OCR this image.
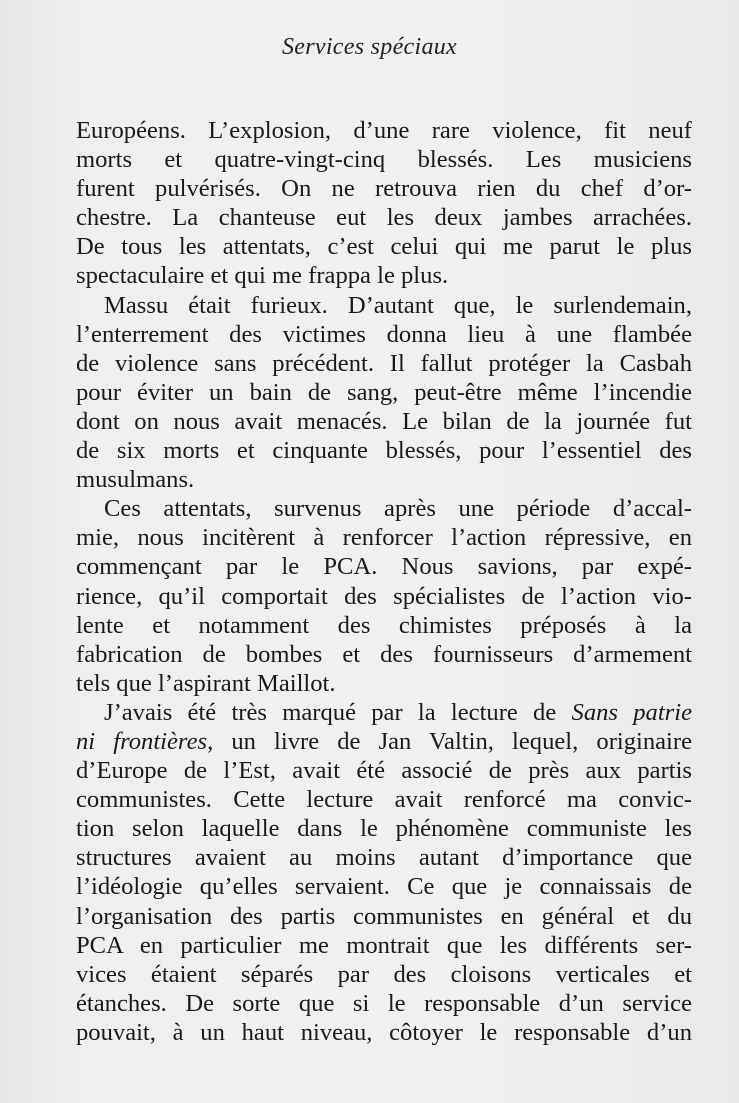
Services spéciaux
Européens. L’explosion, d’une rare violence, fit neuf
morts et quatre-vingt-cinq blessés. Les musiciens
furent pulvérisés. On ne retrouva rien du chef d’or-
chestre. La chanteuse eut les deux jambes arrachées.
De tous les attentats, c’est celui qui me parut le plus
spectaculaire et qui me frappa le plus.
Massu était furieux. D’autant que, le surlendemain,
l’enterrement des victimes donna lieu à une flambée
de violence sans précédent. Il fallut protéger la Casbah
pour éviter un bain de sang, peut-être même l’incendie
dont on nous avait menacés. Le bilan de la journée fut
de six morts et cinquante blessés, pour l’essentiel des
musulmans.
Ces attentats, survenus après une période d’accal-
mie, nous incitèrent à renforcer l’action répressive, en
commençant par le PCA. Nous savions, par expé-
rience, qu’il comportait des spécialistes de l’action vio-
lente et notamment des chimistes préposés à la
fabrication de bombes et des fournisseurs d’armement
tels que l’aspirant Maillot.
J’avais été très marqué par la lecture de Sans patrie
ni frontières, un livre de Jan Valtin, lequel, originaire
d’Europe de l’Est, avait été associé de près aux partis
communistes. Cette lecture avait renforcé ma convic-
tion selon laquelle dans le phénomène communiste les
structures avaient au moins autant d’importance que
l’idéologie qu’elles servaient. Ce que je connaissais de
l’organisation des partis communistes en général et du
PCA en particulier me montrait que les différents ser-
vices étaient séparés par des cloisons verticales et
étanches. De sorte que si le responsable d’un service
pouvait, à un haut niveau, côtoyer le responsable d’un
